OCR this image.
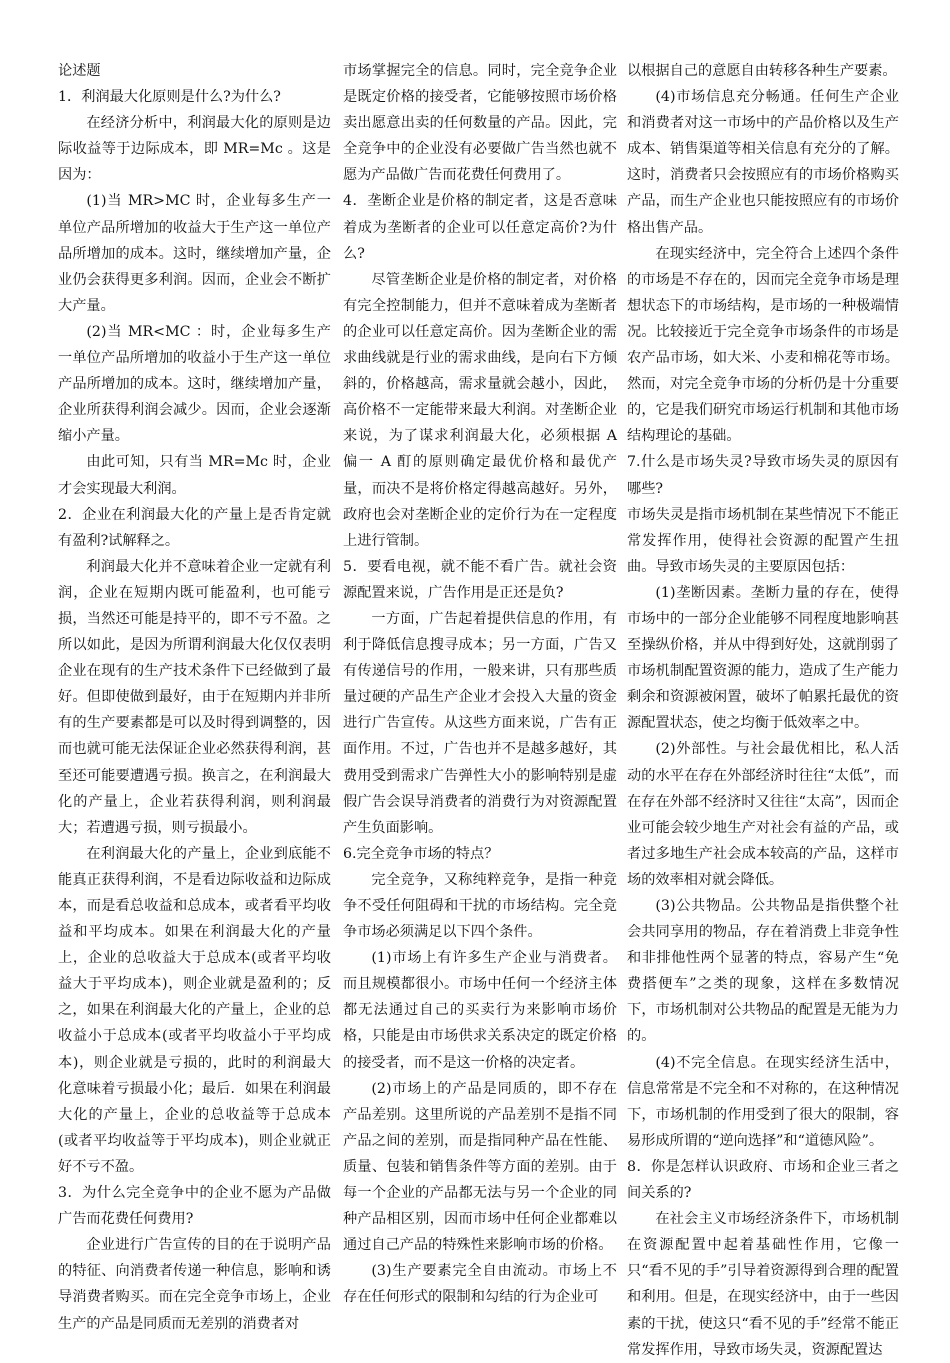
论述题

1．利润最大化原则是什么?为什么?

在经济分析中，利润最大化的原则是边际收益等于边际成本，即 MR=Mc 。这是因为：

(1)当 MR>MC 时，企业每多生产一单位产品所增加的收益大于生产这一单位产品所增加的成本。这时，继续增加产量，企业仍会获得更多利润。因而，企业会不断扩大产量。

(2)当 MR<MC ：时，企业每多生产一单位产品所增加的收益小于生产这一单位产品所增加的成本。这时，继续增加产量，企业所获得利润会减少。因而，企业会逐渐缩小产量。

由此可知，只有当 MR=Mc 时，企业才会实现最大利润。

2．企业在利润最大化的产量上是否肯定就有盈利?试解释之。

利润最大化并不意味着企业一定就有利润，企业在短期内既可能盈利，也可能亏损，当然还可能是持平的，即不亏不盈。之所以如此，是因为所谓利润最大化仅仅表明企业在现有的生产技术条件下已经做到了最好。但即使做到最好，由于在短期内并非所有的生产要素都是可以及时得到调整的，因而也就可能无法保证企业必然获得利润，甚至还可能要遭遇亏损。换言之，在利润最大化的产量上，企业若获得利润，则利润最大；若遭遇亏损，则亏损最小。

在利润最大化的产量上，企业到底能不能真正获得利润，不是看边际收益和边际成本，而是看总收益和总成本，或者看平均收益和平均成本。如果在利润最大化的产量上，企业的总收益大于总成本(或者平均收益大于平均成本)，则企业就是盈利的；反之，如果在利润最大化的产量上，企业的总收益小于总成本(或者平均收益小于平均成本)，则企业就是亏损的，此时的利润最大化意味着亏损最小化；最后．如果在利润最大化的产量上，企业的总收益等于总成本(或者平均收益等于平均成本)，则企业就正好不亏不盈。

3．为什么完全竞争中的企业不愿为产品做广告而花费任何费用?

企业进行广告宣传的目的在于说明产品的特征、向消费者传递一种信息，影响和诱导消费者购买。而在完全竞争市场上，企业生产的产品是同质而无差别的消费者对

市场掌握完全的信息。同时，完全竞争企业是既定价格的接受者，它能够按照市场价格卖出愿意出卖的任何数量的产品。因此，完全竞争中的企业没有必要做广告当然也就不愿为产品做广告而花费任何费用了。

4．垄断企业是价格的制定者，这是否意味着成为垄断者的企业可以任意定高价?为什么?

尽管垄断企业是价格的制定者，对价格有完全控制能力，但并不意味着成为垄断者的企业可以任意定高价。因为垄断企业的需求曲线就是行业的需求曲线，是向右下方倾斜的，价格越高，需求量就会越小，因此，高价格不一定能带来最大利润。对垄断企业来说，为了谋求利润最大化，必须根据 A 偏一 A 酊的原则确定最优价格和最优产量，而决不是将价格定得越高越好。另外，政府也会对垄断企业的定价行为在一定程度上进行管制。

5．要看电视，就不能不看广告。就社会资源配置来说，广告作用是正还是负?

一方面，广告起着提供信息的作用，有利于降低信息搜寻成本；另一方面，广告又有传递信号的作用，一般来讲，只有那些质量过硬的产品生产企业才会投入大量的资金进行广告宣传。从这些方面来说，广告有正面作用。不过，广告也并不是越多越好，其费用受到需求广告弹性大小的影响特别是虚假广告会误导消费者的消费行为对资源配置产生负面影响。

6.完全竞争市场的特点？

完全竞争，又称纯粹竞争，是指一种竞争不受任何阻碍和干扰的市场结构。完全竞争市场必须满足以下四个条件。

(1)市场上有许多生产企业与消费者。而且规模都很小。市场中任何一个经济主体都无法通过自己的买卖行为来影响市场价格，只能是由市场供求关系决定的既定价格的接受者，而不是这一价格的决定者。

(2)市场上的产品是同质的，即不存在产品差别。这里所说的产品差别不是指不同产品之间的差别，而是指同种产品在性能、质量、包装和销售条件等方面的差别。由于每一个企业的产品都无法与另一个企业的同种产品相区别，因而市场中任何企业都难以通过自己产品的特殊性来影响市场的价格。

(3)生产要素完全自由流动。市场上不存在任何形式的限制和勾结的行为企业可

以根据自己的意愿自由转移各种生产要素。

(4)市场信息充分畅通。任何生产企业和消费者对这一市场中的产品价格以及生产成本、销售渠道等相关信息有充分的了解。这时，消费者只会按照应有的市场价格购买产品，而生产企业也只能按照应有的市场价格出售产品。

在现实经济中，完全符合上述四个条件的市场是不存在的，因而完全竞争市场是理想状态下的市场结构，是市场的一种极端情况。比较接近于完全竞争市场条件的市场是农产品市场，如大米、小麦和棉花等市场。然而，对完全竞争市场的分析仍是十分重要的，它是我们研究市场运行机制和其他市场结构理论的基础。

7.什么是市场失灵?导致市场失灵的原因有哪些?

市场失灵是指市场机制在某些情况下不能正常发挥作用，使得社会资源的配置产生扭曲。导致市场失灵的主要原因包括：

(1)垄断因素。垄断力量的存在，使得市场中的一部分企业能够不同程度地影响甚至操纵价格，并从中得到好处，这就削弱了市场机制配置资源的能力，造成了生产能力剩余和资源被闲置，破坏了帕累托最优的资源配置状态，使之均衡于低效率之中。

(2)外部性。与社会最优相比，私人活动的水平在存在外部经济时往往“太低”，而在存在外部不经济时又往往“太高”，因而企业可能会较少地生产对社会有益的产品，或者过多地生产社会成本较高的产品，这样市场的效率相对就会降低。

(3)公共物品。公共物品是指供整个社会共同享用的物品，存在着消费上非竞争性和非排他性两个显著的特点，容易产生“免费搭便车”之类的现象，这样在多数情况下，市场机制对公共物品的配置是无能为力的。

(4)不完全信息。在现实经济生活中，信息常常是不完全和不对称的，在这种情况下，市场机制的作用受到了很大的限制，容易形成所谓的“逆向选择”和“道德风险”。

8．你是怎样认识政府、市场和企业三者之间关系的?

在社会主义市场经济条件下，市场机制在资源配置中起着基础性作用，它像一只“看不见的手”引导着资源得到合理的配置和利用。但是，在现实经济中，由于一些因素的干扰，使这只“看不见的手”经常不能正常发挥作用，导致市场失灵，资源配置达
